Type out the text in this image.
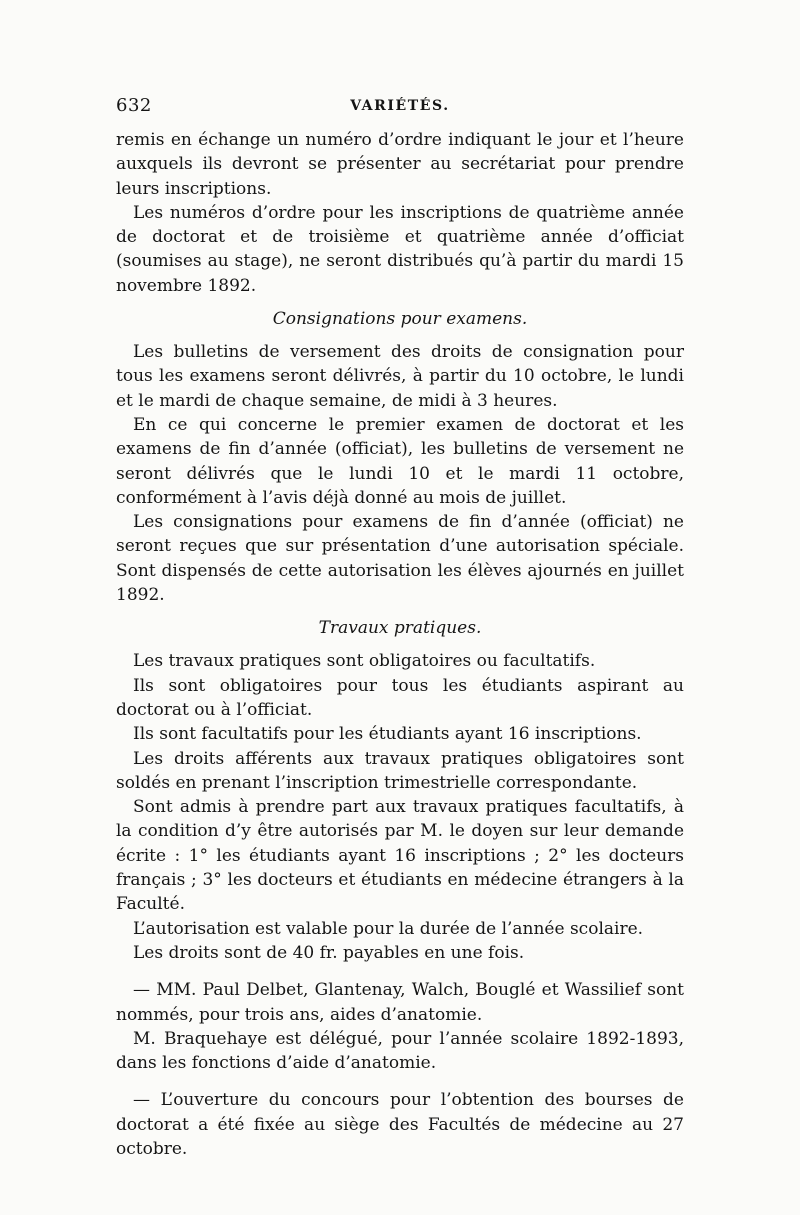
632	VARIÉTÉS.

remis en échange un numéro d’ordre indiquant le jour et l’heure auxquels ils devront se présenter au secrétariat pour prendre leurs inscriptions.

Les numéros d’ordre pour les inscriptions de quatrième année de doctorat et de troisième et quatrième année d’officiat (soumises au stage), ne seront distribués qu’à partir du mardi 15 novembre 1892.

Consignations pour examens.

Les bulletins de versement des droits de consignation pour tous les examens seront délivrés, à partir du 10 octobre, le lundi et le mardi de chaque semaine, de midi à 3 heures.

En ce qui concerne le premier examen de doctorat et les examens de fin d’année (officiat), les bulletins de versement ne seront délivrés que le lundi 10 et le mardi 11 octobre, conformément à l’avis déjà donné au mois de juillet.

Les consignations pour examens de fin d’année (officiat) ne seront reçues que sur présentation d’une autorisation spéciale. Sont dispensés de cette autorisation les élèves ajournés en juillet 1892.

Travaux pratiques.

Les travaux pratiques sont obligatoires ou facultatifs.

Ils sont obligatoires pour tous les étudiants aspirant au doctorat ou à l’officiat.

Ils sont facultatifs pour les étudiants ayant 16 inscriptions.

Les droits afférents aux travaux pratiques obligatoires sont soldés en prenant l’inscription trimestrielle correspondante.

Sont admis à prendre part aux travaux pratiques facultatifs, à la condition d’y être autorisés par M. le doyen sur leur demande écrite : 1° les étudiants ayant 16 inscriptions ; 2° les docteurs français ; 3° les docteurs et étudiants en médecine étrangers à la Faculté.

L’autorisation est valable pour la durée de l’année scolaire.

Les droits sont de 40 fr. payables en une fois.

— MM. Paul Delbet, Glantenay, Walch, Bouglé et Wassilief sont nommés, pour trois ans, aides d’anatomie.

M. Braquehaye est délégué, pour l’année scolaire 1892-1893, dans les fonctions d’aide d’anatomie.

— L’ouverture du concours pour l’obtention des bourses de doctorat a été fixée au siège des Facultés de médecine au 27 octobre.
